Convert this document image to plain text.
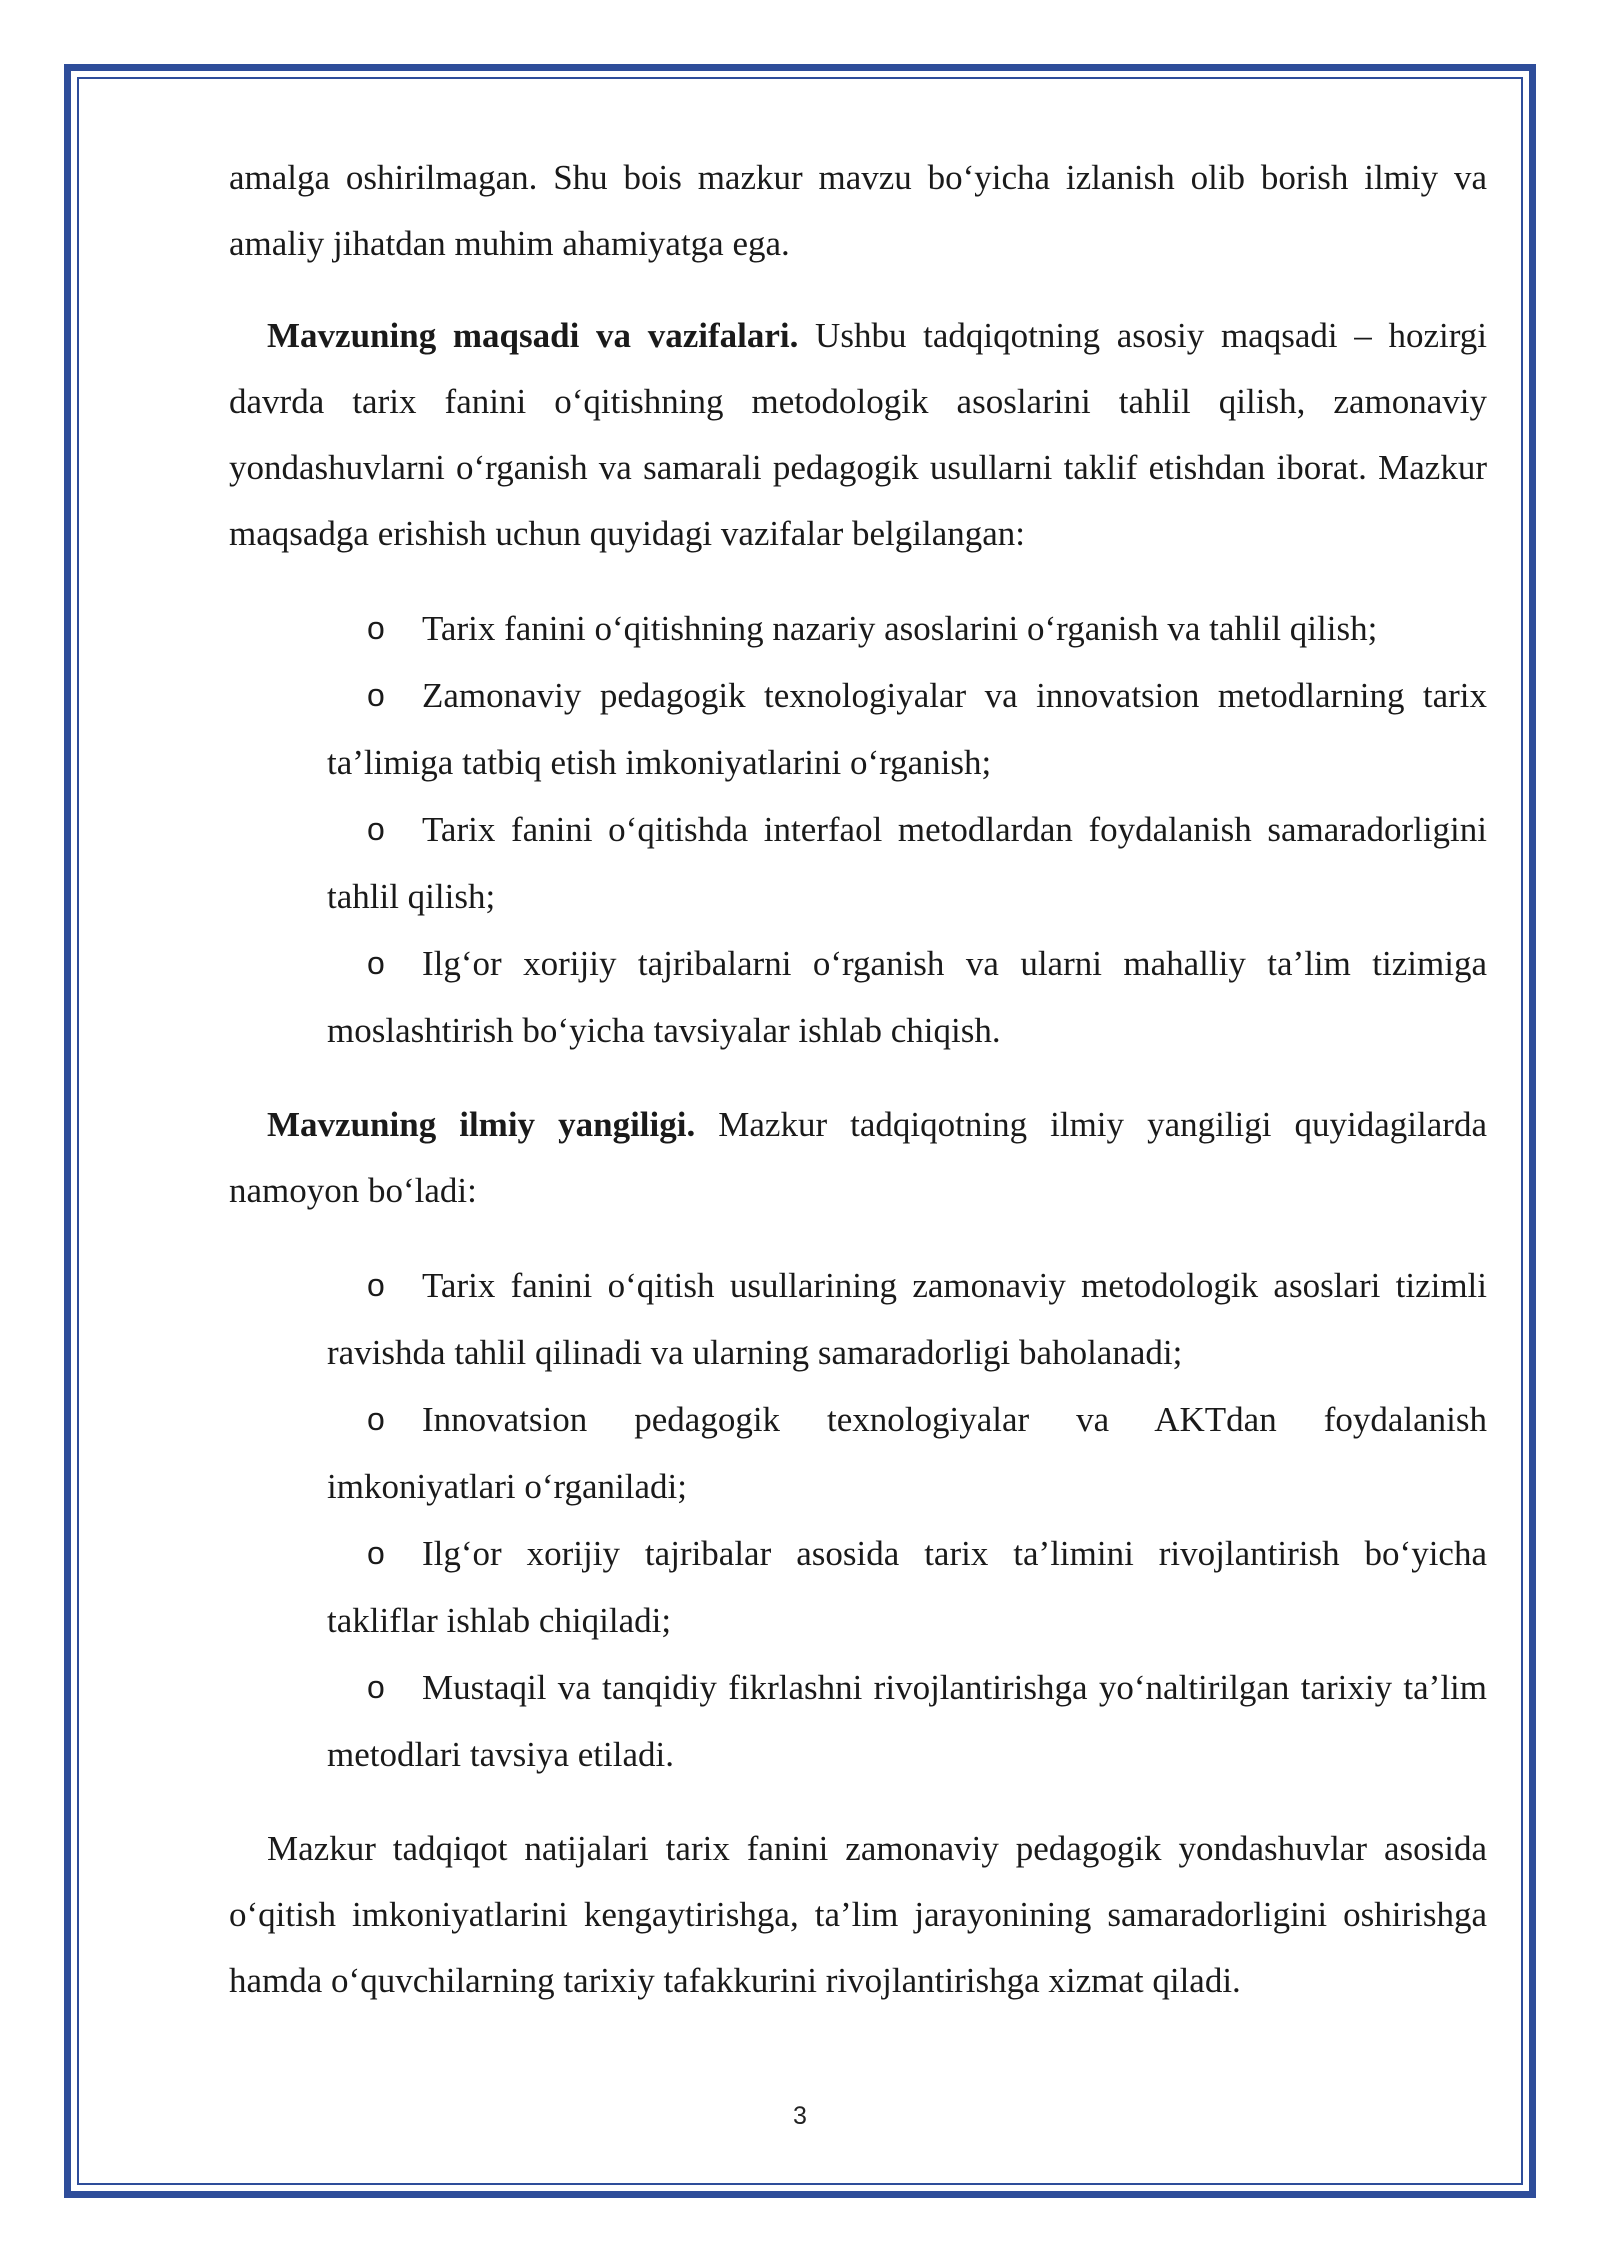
amalga oshirilmagan. Shu bois mazkur mavzu bo‘yicha izlanish olib borish ilmiy va amaliy jihatdan muhim ahamiyatga ega.

Mavzuning maqsadi va vazifalari. Ushbu tadqiqotning asosiy maqsadi – hozirgi davrda tarix fanini o‘qitishning metodologik asoslarini tahlil qilish, zamonaviy yondashuvlarni o‘rganish va samarali pedagogik usullarni taklif etishdan iborat. Mazkur maqsadga erishish uchun quyidagi vazifalar belgilangan:

o Tarix fanini o‘qitishning nazariy asoslarini o‘rganish va tahlil qilish;
o Zamonaviy pedagogik texnologiyalar va innovatsion metodlarning tarix ta’limiga tatbiq etish imkoniyatlarini o‘rganish;
o Tarix fanini o‘qitishda interfaol metodlardan foydalanish samaradorligini tahlil qilish;
o Ilg‘or xorijiy tajribalarni o‘rganish va ularni mahalliy ta’lim tizimiga moslashtirish bo‘yicha tavsiyalar ishlab chiqish.

Mavzuning ilmiy yangiligi. Mazkur tadqiqotning ilmiy yangiligi quyidagilarda namoyon bo‘ladi:

o Tarix fanini o‘qitish usullarining zamonaviy metodologik asoslari tizimli ravishda tahlil qilinadi va ularning samaradorligi baholanadi;
o Innovatsion pedagogik texnologiyalar va AKTdan foydalanish imkoniyatlari o‘rganiladi;
o Ilg‘or xorijiy tajribalar asosida tarix ta’limini rivojlantirish bo‘yicha takliflar ishlab chiqiladi;
o Mustaqil va tanqidiy fikrlashni rivojlantirishga yo‘naltirilgan tarixiy ta’lim metodlari tavsiya etiladi.

Mazkur tadqiqot natijalari tarix fanini zamonaviy pedagogik yondashuvlar asosida o‘qitish imkoniyatlarini kengaytirishga, ta’lim jarayonining samaradorligini oshirishga hamda o‘quvchilarning tarixiy tafakkurini rivojlantirishga xizmat qiladi.

3
